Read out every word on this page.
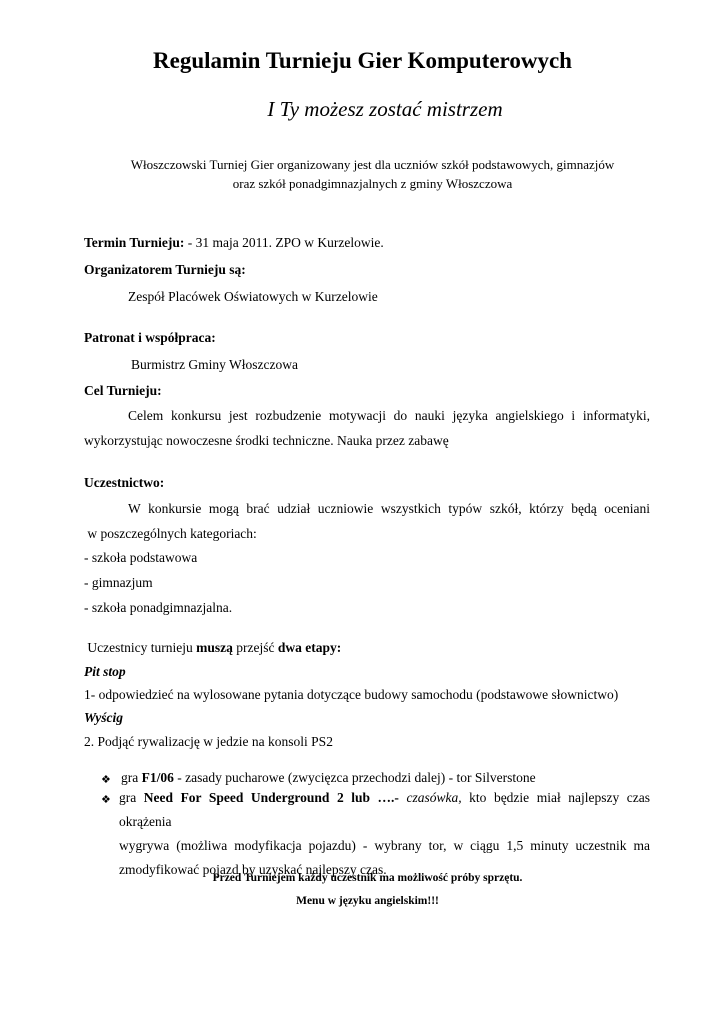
Regulamin Turnieju Gier Komputerowych
I Ty możesz zostać mistrzem
Włoszczowski Turniej Gier organizowany jest dla uczniów szkół podstawowych, gimnazjów
oraz szkół ponadgimnazjalnych z gminy Włoszczowa
Termin Turnieju: - 31 maja 2011. ZPO w Kurzelowie.
Organizatorem Turnieju są:
Zespół Placówek Oświatowych w Kurzelowie
Patronat i współpraca:
Burmistrz Gminy Włoszczowa
Cel Turnieju:
Celem konkursu jest rozbudzenie motywacji do nauki języka angielskiego i informatyki,
wykorzystując nowoczesne środki techniczne. Nauka przez zabawę
Uczestnictwo:
W konkursie mogą brać udział uczniowie wszystkich typów szkół, którzy będą oceniani
w poszczególnych kategoriach:
- szkoła podstawowa
- gimnazjum
- szkoła ponadgimnazjalna.
Uczestnicy turnieju muszą przejść dwa etapy:
Pit stop
1- odpowiedzieć na wylosowane pytania dotyczące budowy samochodu (podstawowe słownictwo)
Wyścig
2. Podjąć rywalizację w jedzie na konsoli PS2
❖ gra F1/06 - zasady pucharowe (zwycięzca przechodzi dalej) - tor Silverstone
❖ gra Need For Speed Underground 2 lub ….- czasówka, kto będzie miał najlepszy czas okrążenia
wygrywa (możliwa modyfikacja pojazdu) - wybrany tor, w ciągu 1,5 minuty uczestnik ma
zmodyfikować pojazd by uzyskać najlepszy czas.
Przed Turniejem każdy uczestnik ma możliwość próby sprzętu.
Menu w języku angielskim!!!
